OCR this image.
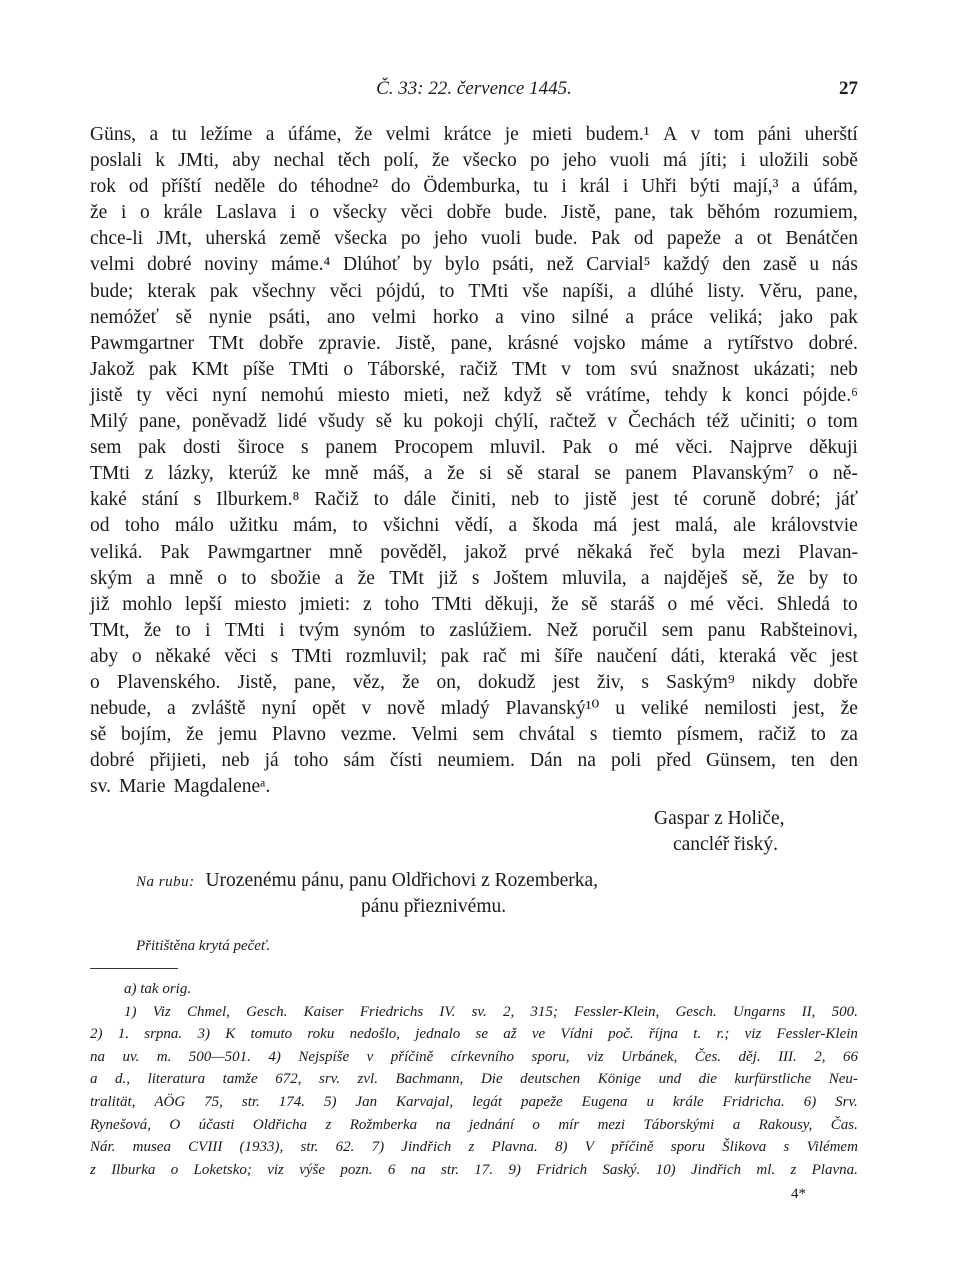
Č. 33: 22. července 1445.	27
Güns, a tu ležíme a úfáme, že velmi krátce je mieti budem.¹ A v tom páni uherští
poslali k JMti, aby nechal těch polí, že všecko po jeho vuoli má jíti; i uložili sobě
rok od příští neděle do téhodne² do Ödemburka, tu i král i Uhři býti mají,³ a úfám,
že i o krále Laslava i o všecky věci dobře bude. Jistě, pane, tak běhóm rozumiem,
chce-li JMt, uherská země všecka po jeho vuoli bude. Pak od papeže a ot Benátčen
velmi dobré noviny máme.⁴ Dlúhoť by bylo psáti, než Carvial⁵ každý den zasě u nás
bude; kterak pak všechny věci pójdú, to TMti vše napíši, a dlúhé listy. Věru, pane,
nemóžeť sě nynie psáti, ano velmi horko a vino silné a práce veliká; jako pak
Pawmgartner TMt dobře zpravie. Jistě, pane, krásné vojsko máme a rytířstvo dobré.
Jakož pak KMt píše TMti o Táborské, račiž TMt v tom svú snažnost ukázati; neb
jistě ty věci nyní nemohú miesto mieti, než když sě vrátíme, tehdy k konci pójde.⁶
Milý pane, poněvadž lidé všudy sě ku pokoji chýlí, račtež v Čechách též učiniti; o tom
sem pak dosti široce s panem Procopem mluvil. Pak o mé věci. Najprve děkuji
TMti z lázky, kterúž ke mně máš, a že si sě staral se panem Plavanským⁷ o ně-
kaké stání s Ilburkem.⁸ Račiž to dále činiti, neb to jistě jest té coruně dobré; jáť
od toho málo užitku mám, to všichni vědí, a škoda má jest malá, ale královstvie
veliká. Pak Pawmgartner mně pověděl, jakož prvé někaká řeč byla mezi Plavan-
ským a mně o to sbožie a že TMt již s Joštem mluvila, a najděješ sě, že by to
již mohlo lepší miesto jmieti: z toho TMti děkuji, že sě staráš o mé věci. Shledá to
TMt, že to i TMti i tvým synóm to zaslúžiem. Než poručil sem panu Rabšteinovi,
aby o někaké věci s TMti rozmluvil; pak rač mi šíře naučení dáti, kteraká věc jest
o Plavenského. Jistě, pane, věz, že on, dokudž jest živ, s Saským⁹ nikdy dobře
nebude, a zvláště nyní opět v nově mladý Plavanský¹⁰ u veliké nemilosti jest, že
sě bojím, že jemu Plavno vezme. Velmi sem chvátal s tiemto písmem, račiž to za
dobré přijieti, neb já toho sám čísti neumiem. Dán na poli před Günsem, ten den
sv. Marie Magdaleneᵃ.
Gaspar z Holiče,
cancléř řiský.
Na rubu: Urozenému pánu, panu Oldřichovi z Rozemberka,
pánu přieznivému.
Přitištěna krytá pečeť.
a) tak orig.
1) Viz Chmel, Gesch. Kaiser Friedrichs IV. sv. 2, 315; Fessler-Klein, Gesch. Ungarns II, 500.
2) 1. srpna. 3) K tomuto roku nedošlo, jednalo se až ve Vídni poč. října t. r.; viz Fessler-Klein
na uv. m. 500—501. 4) Nejspíše v příčině církevního sporu, viz Urbánek, Čes. děj. III. 2, 66
a d., literatura tamže 672, srv. zvl. Bachmann, Die deutschen Könige und die kurfürstliche Neu-
tralität, AÖG 75, str. 174. 5) Jan Karvajal, legát papeže Eugena u krále Fridricha. 6) Srv.
Rynešová, O účasti Oldřicha z Rožmberka na jednání o mír mezi Táborskými a Rakousy, Čas.
Nár. musea CVIII (1933), str. 62. 7) Jindřich z Plavna. 8) V příčině sporu Šlikova s Vilémem
z Ilburka o Loketsko; viz výše pozn. 6 na str. 17. 9) Fridrich Saský. 10) Jindřich ml. z Plavna.
4*
